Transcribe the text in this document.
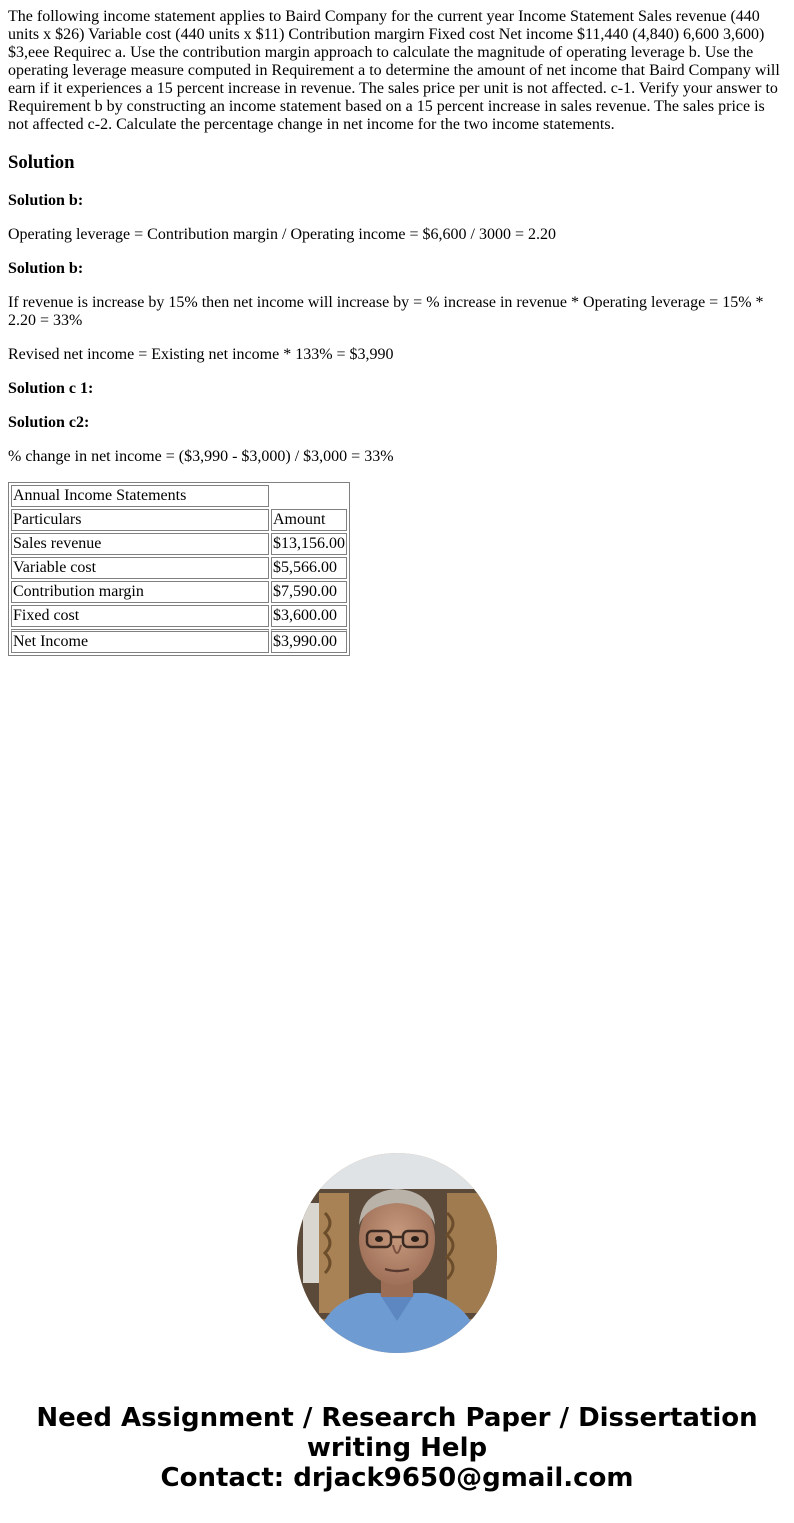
The following income statement applies to Baird Company for the current year Income Statement Sales revenue (440 units x $26) Variable cost (440 units x $11) Contribution margirn Fixed cost Net income $11,440 (4,840) 6,600 3,600) $3,eee Requirec a. Use the contribution margin approach to calculate the magnitude of operating leverage b. Use the operating leverage measure computed in Requirement a to determine the amount of net income that Baird Company will earn if it experiences a 15 percent increase in revenue. The sales price per unit is not affected. c-1. Verify your answer to Requirement b by constructing an income statement based on a 15 percent increase in sales revenue. The sales price is not affected c-2. Calculate the percentage change in net income for the two income statements.

Solution

Solution b:

Operating leverage = Contribution margin / Operating income = $6,600 / 3000 = 2.20

Solution b:

If revenue is increase by 15% then net income will increase by = % increase in revenue * Operating leverage = 15% * 2.20 = 33%

Revised net income = Existing net income * 133% = $3,990

Solution c 1:

Solution c2:

% change in net income = ($3,990 - $3,000) / $3,000 = 33%

Annual Income Statements	
Particulars	Amount
Sales revenue	$13,156.00
Variable cost	$5,566.00
Contribution margin	$7,590.00
Fixed cost	$3,600.00
Net Income	$3,990.00
Need Assignment / Research Paper / Dissertation
writing Help
Contact: drjack9650@gmail.com
